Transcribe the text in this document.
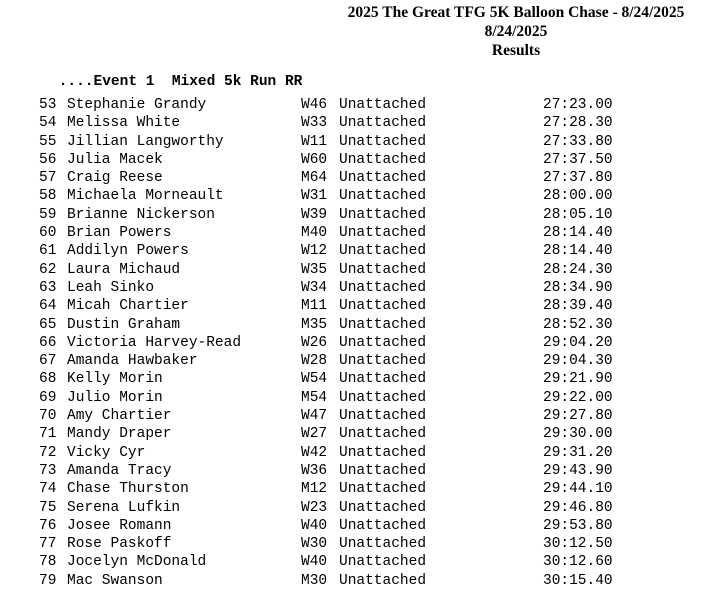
2025 The Great TFG 5K Balloon Chase - 8/24/2025
8/24/2025
Results
....Event 1  Mixed 5k Run RR
53 Stephanie Grandy	W46 Unattached	27:23.00
54 Melissa White	W33 Unattached	27:28.30
55 Jillian Langworthy	W11 Unattached	27:33.80
56 Julia Macek	W60 Unattached	27:37.50
57 Craig Reese	M64 Unattached	27:37.80
58 Michaela Morneault	W31 Unattached	28:00.00
59 Brianne Nickerson	W39 Unattached	28:05.10
60 Brian Powers	M40 Unattached	28:14.40
61 Addilyn Powers	W12 Unattached	28:14.40
62 Laura Michaud	W35 Unattached	28:24.30
63 Leah Sinko	W34 Unattached	28:34.90
64 Micah Chartier	M11 Unattached	28:39.40
65 Dustin Graham	M35 Unattached	28:52.30
66 Victoria Harvey-Read	W26 Unattached	29:04.20
67 Amanda Hawbaker	W28 Unattached	29:04.30
68 Kelly Morin	W54 Unattached	29:21.90
69 Julio Morin	M54 Unattached	29:22.00
70 Amy Chartier	W47 Unattached	29:27.80
71 Mandy Draper	W27 Unattached	29:30.00
72 Vicky Cyr	W42 Unattached	29:31.20
73 Amanda Tracy	W36 Unattached	29:43.90
74 Chase Thurston	M12 Unattached	29:44.10
75 Serena Lufkin	W23 Unattached	29:46.80
76 Josee Romann	W40 Unattached	29:53.80
77 Rose Paskoff	W30 Unattached	30:12.50
78 Jocelyn McDonald	W40 Unattached	30:12.60
79 Mac Swanson	M30 Unattached	30:15.40
